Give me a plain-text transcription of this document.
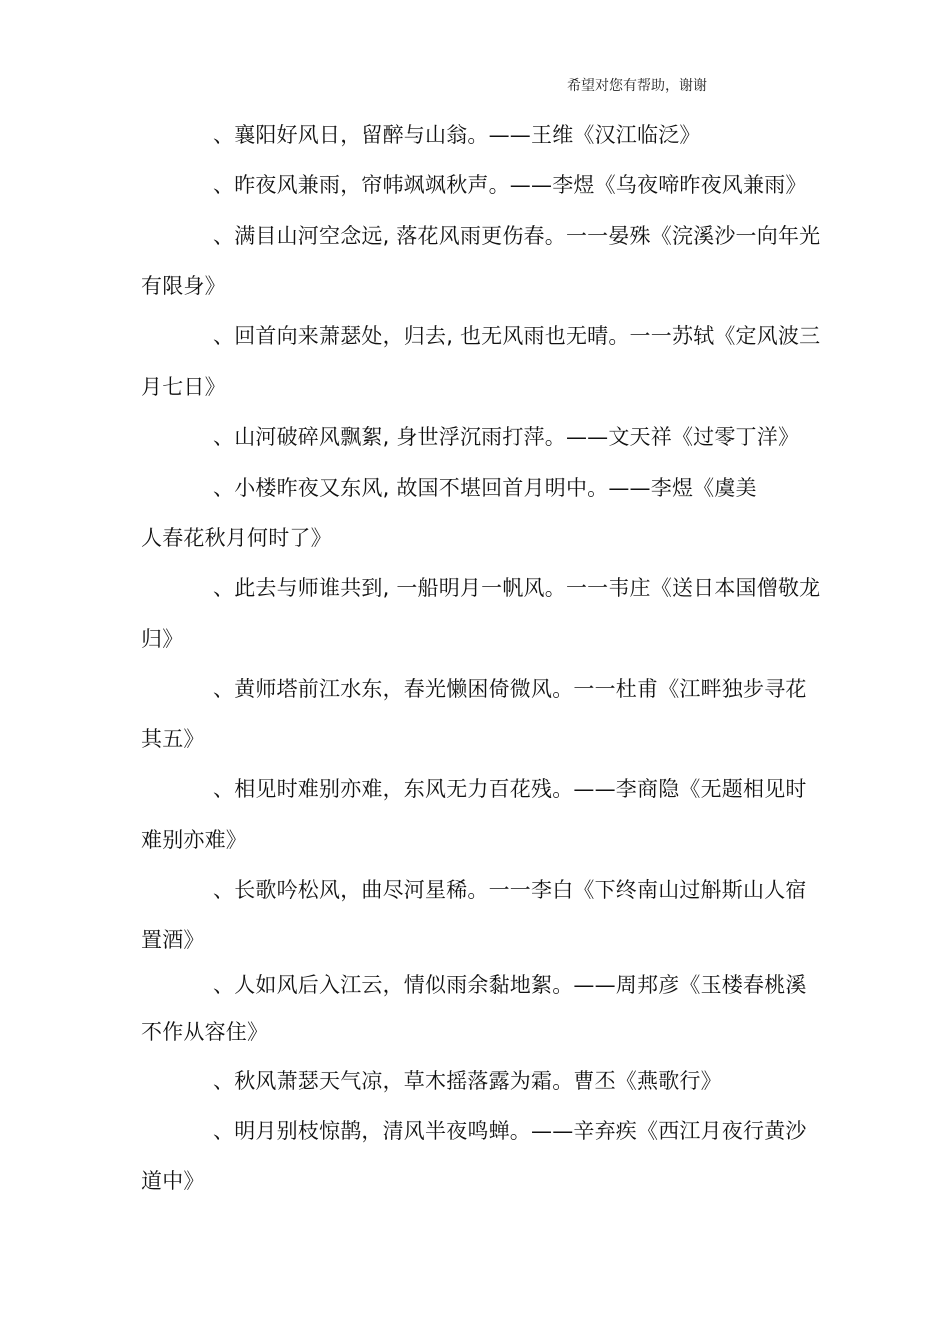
希望对您有帮助，谢谢
、襄阳好风日，留醉与山翁。——王维《汉江临泛》
、昨夜风兼雨，帘帏飒飒秋声。——李煜《乌夜啼昨夜风兼雨》
、满目山河空念远, 落花风雨更伤春。一一晏殊《浣溪沙一向年光
有限身》
、回首向来萧瑟处，归去, 也无风雨也无晴。一一苏轼《定风波三
月七日》
、山河破碎风飘絮, 身世浮沉雨打萍。——文天祥《过零丁洋》
、小楼昨夜又东风, 故国不堪回首月明中。——李煜《虞美
人春花秋月何时了》
、此去与师谁共到, 一船明月一帆风。一一韦庄《送日本国僧敬龙
归》
、黄师塔前江水东，春光懒困倚微风。一一杜甫《江畔独步寻花
其五》
、相见时难别亦难，东风无力百花残。——李商隐《无题相见时
难别亦难》
、长歌吟松风，曲尽河星稀。一一李白《下终南山过斛斯山人宿
置酒》
、人如风后入江云，情似雨余黏地絮。——周邦彦《玉楼春桃溪
不作从容住》
、秋风萧瑟天气凉，草木摇落露为霜。曹丕《燕歌行》
、明月别枝惊鹊，清风半夜鸣蝉。——辛弃疾《西江月夜行黄沙
道中》
